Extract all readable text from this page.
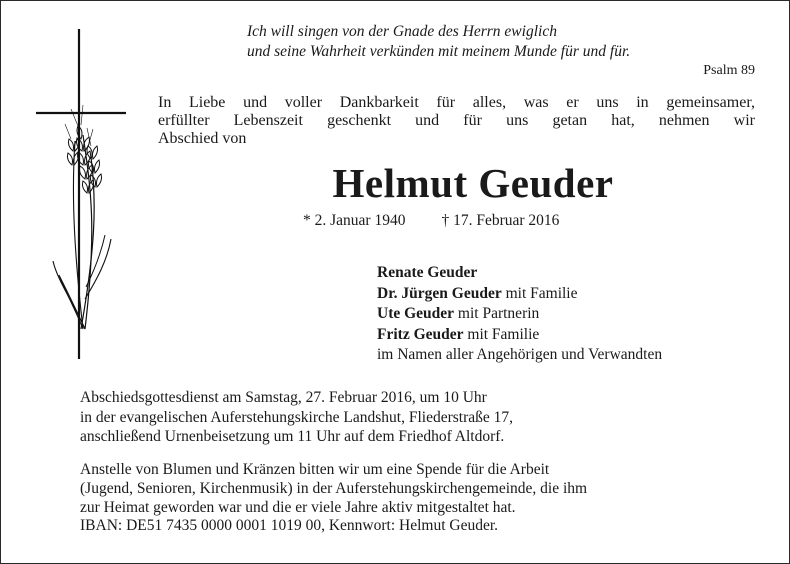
Ich will singen von der Gnade des Herrn ewiglich
und seine Wahrheit verkünden mit meinem Munde für und für.
Psalm 89
In Liebe und voller Dankbarkeit für alles, was er uns in gemeinsamer,
erfüllter Lebenszeit geschenkt und für uns getan hat, nehmen wir
Abschied von
Helmut Geuder
* 2. Januar 1940 † 17. Februar 2016
Renate Geuder
Dr. Jürgen Geuder mit Familie
Ute Geuder mit Partnerin
Fritz Geuder mit Familie
im Namen aller Angehörigen und Verwandten
Abschiedsgottesdienst am Samstag, 27. Februar 2016, um 10 Uhr
in der evangelischen Auferstehungskirche Landshut, Fliederstraße 17,
anschließend Urnenbeisetzung um 11 Uhr auf dem Friedhof Altdorf.
Anstelle von Blumen und Kränzen bitten wir um eine Spende für die Arbeit
(Jugend, Senioren, Kirchenmusik) in der Auferstehungskirchengemeinde, die ihm
zur Heimat geworden war und die er viele Jahre aktiv mitgestaltet hat.
IBAN: DE51 7435 0000 0001 1019 00, Kennwort: Helmut Geuder.
